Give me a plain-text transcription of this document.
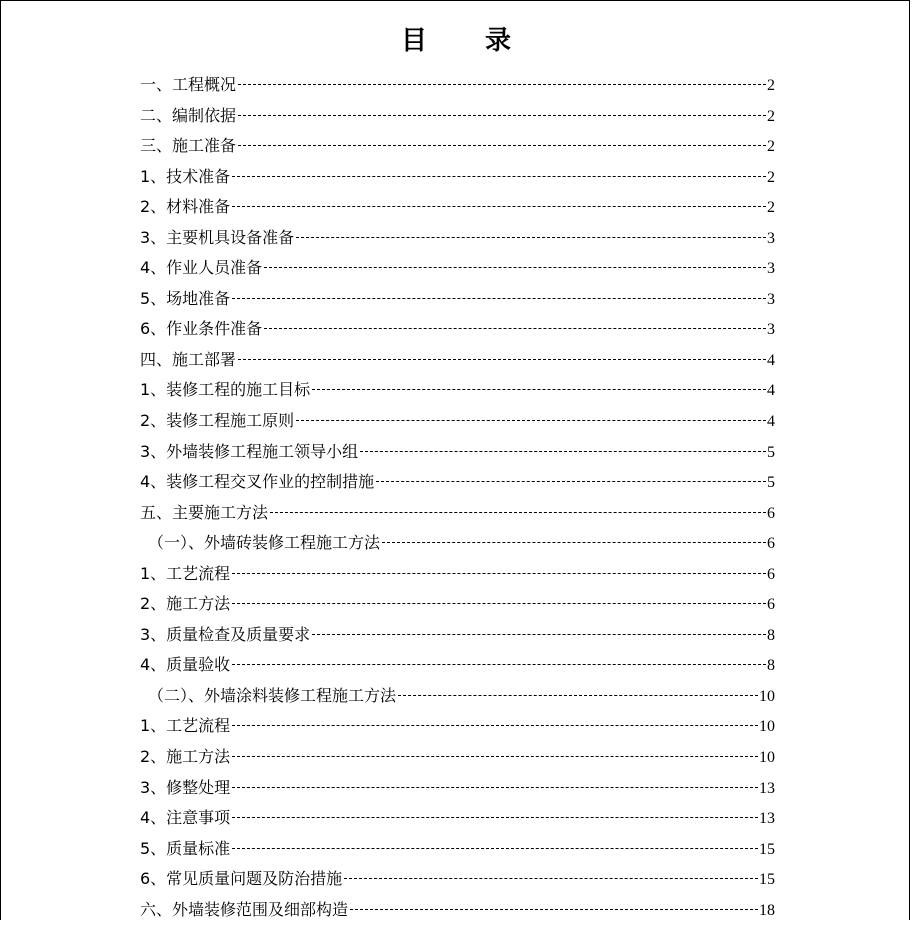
目 录
一、工程概况	2
二、编制依据	2
三、施工准备	2
1、技术准备	2
2、材料准备	2
3、主要机具设备准备	3
4、作业人员准备	3
5、场地准备	3
6、作业条件准备	3
四、施工部署	4
1、装修工程的施工目标	4
2、装修工程施工原则	4
3、外墙装修工程施工领导小组	5
4、装修工程交叉作业的控制措施	5
五、主要施工方法	6
（一）、外墙砖装修工程施工方法	6
1、工艺流程	6
2、施工方法	6
3、质量检查及质量要求	8
4、质量验收	8
（二）、外墙涂料装修工程施工方法	10
1、工艺流程	10
2、施工方法	10
3、修整处理	13
4、注意事项	13
5、质量标准	15
6、常见质量问题及防治措施	15
六、外墙装修范围及细部构造	18
